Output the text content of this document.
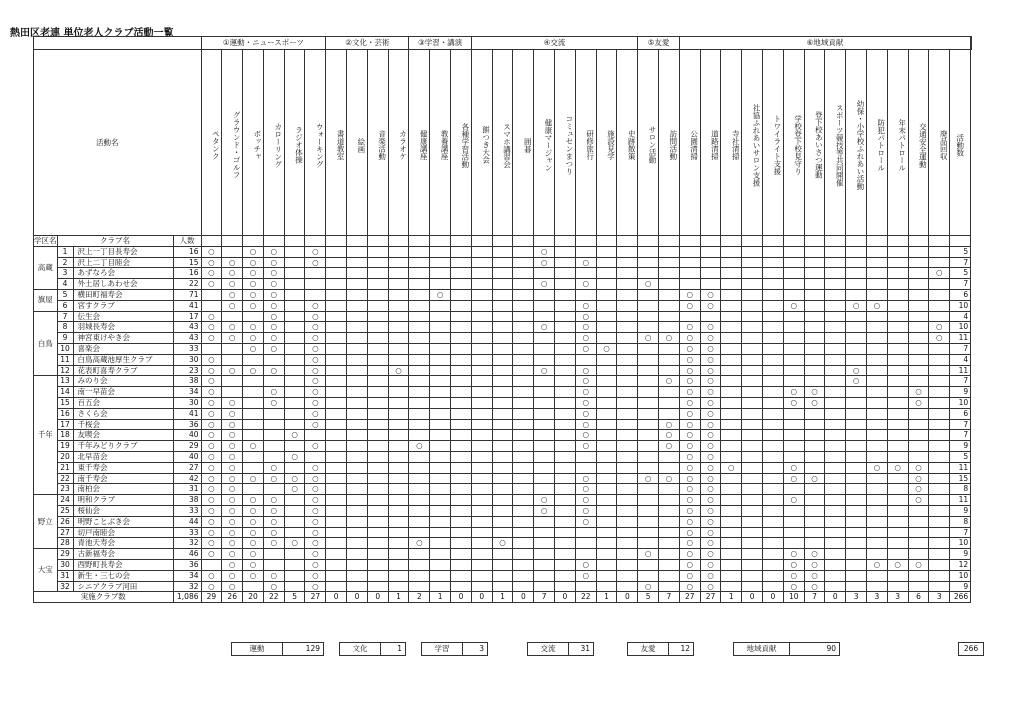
熱田区老連 単位老人クラブ活動一覧
				①運動・ニュースポーツ						②文化・芸術				③学習・講演			④交流								⑤友愛		⑥地域貢献														
活動名				ペタンク	グラウンド・ゴルフ	ボッチャ	カローリング	ラジオ体操	ウォーキング	書道教室	絵画	音楽活動	カラオケ	健康講座	教養講座	各種学習活動	餅つき大会	スマホ講習会	囲碁	健康マージャン	コミュセンまつり	研修旅行	施設見学	史跡散策	サロン活動	訪問活動	公園清掃	道路清掃	寺社清掃	社協ふれあいサロン支援	トワイライト支援	学校登下校見守り	登下校あいさつ運動	スポーツ競技等共同開催	幼保・小学校ふれあい活動	防犯パトロール	年末パトロール	交通安全運動	廃品回収	活動数	
学区名	クラブ名		人数																																						
高蔵	1	沢上一丁目長寿会	16	○		○	○		○											○																				5	
	2	沢上二丁目睦会	15	○	○	○	○		○											○		○																		7	
	3	あずなろ会	16	○	○	○	○																																○	5	
	4	外土居しあわせ会	22	○	○	○	○													○		○			○															7	
旗屋	5	横田町福寿会	71		○	○	○								○												○	○												6	
	6	宮すクラブ	41		○	○	○		○													○					○	○				○			○	○				10	
白鳥	7	伝生会	17	○			○		○													○																		4	
	8	羽城長寿会	43	○	○	○	○		○											○		○					○	○											○	10	
	9	神宮東けやき会	43	○	○	○	○		○													○			○	○	○	○											○	11	
	10	喜楽会	33			○	○		○													○	○				○	○												7	
	11	白鳥高蔵池厚生クラブ	30	○					○																		○	○												4	
	12	花表町喜寿クラブ	23	○	○	○	○		○				○							○		○					○	○							○					11	
千年	13	みのり会	38	○					○													○				○	○	○							○					7	
	14	南一早苗会	34	○			○		○													○					○	○				○	○					○		9	
	15	百五会	30	○	○		○		○													○					○	○				○	○					○		10	
	16	さくら会	41	○	○				○													○					○	○												6	
	17	千桜会	36	○	○				○													○				○	○	○												7	
	18	友喫会	40	○	○			○														○				○	○	○												7	
	19	千年みどりクラブ	29	○	○	○			○					○								○				○	○	○												9	
	20	北早苗会	40	○	○			○																			○	○												5	
	21	東千寿会	27	○	○		○		○																		○	○	○			○				○	○	○		11	
	22	南千寿会	42	○	○	○	○	○	○													○			○	○	○	○				○	○					○		15	
	23	南柏会	31	○	○			○	○													○					○	○										○		8	
野立	24	明和クラブ	38	○	○	○	○		○											○		○					○	○				○						○		11	
	25	桜仙会	33	○	○	○	○		○											○		○					○	○												9	
	26	明野ことぶき会	44	○	○	○	○		○													○					○	○												8	
	27	切戸南睦会	33	○	○	○	○		○																		○	○												7	
	28	青池天寿会	32	○	○	○	○	○	○					○				○									○	○												10	
大宝	29	古新福寿会	46	○	○	○			○																○		○	○				○	○							9	
	30	西野町長寿会	36		○	○			○													○					○	○				○	○			○	○	○		12	
	31	新生・三七の会	34	○	○	○	○		○													○					○	○				○	○							10	
	32	シニアクラブ河田	32	○	○		○		○																○		○	○				○	○							9	
実施クラブ数			1,086	29	26	20	22	5	27	0	0	0	1	2	1	0	0	1	0	7	0	22	1	0	5	7	27	27	1	0	0	10	7	0	3	3	3	6	3	266	
運動	129	文化	1	学習	3	交流	31	友愛	12	地域貢献	90	266
